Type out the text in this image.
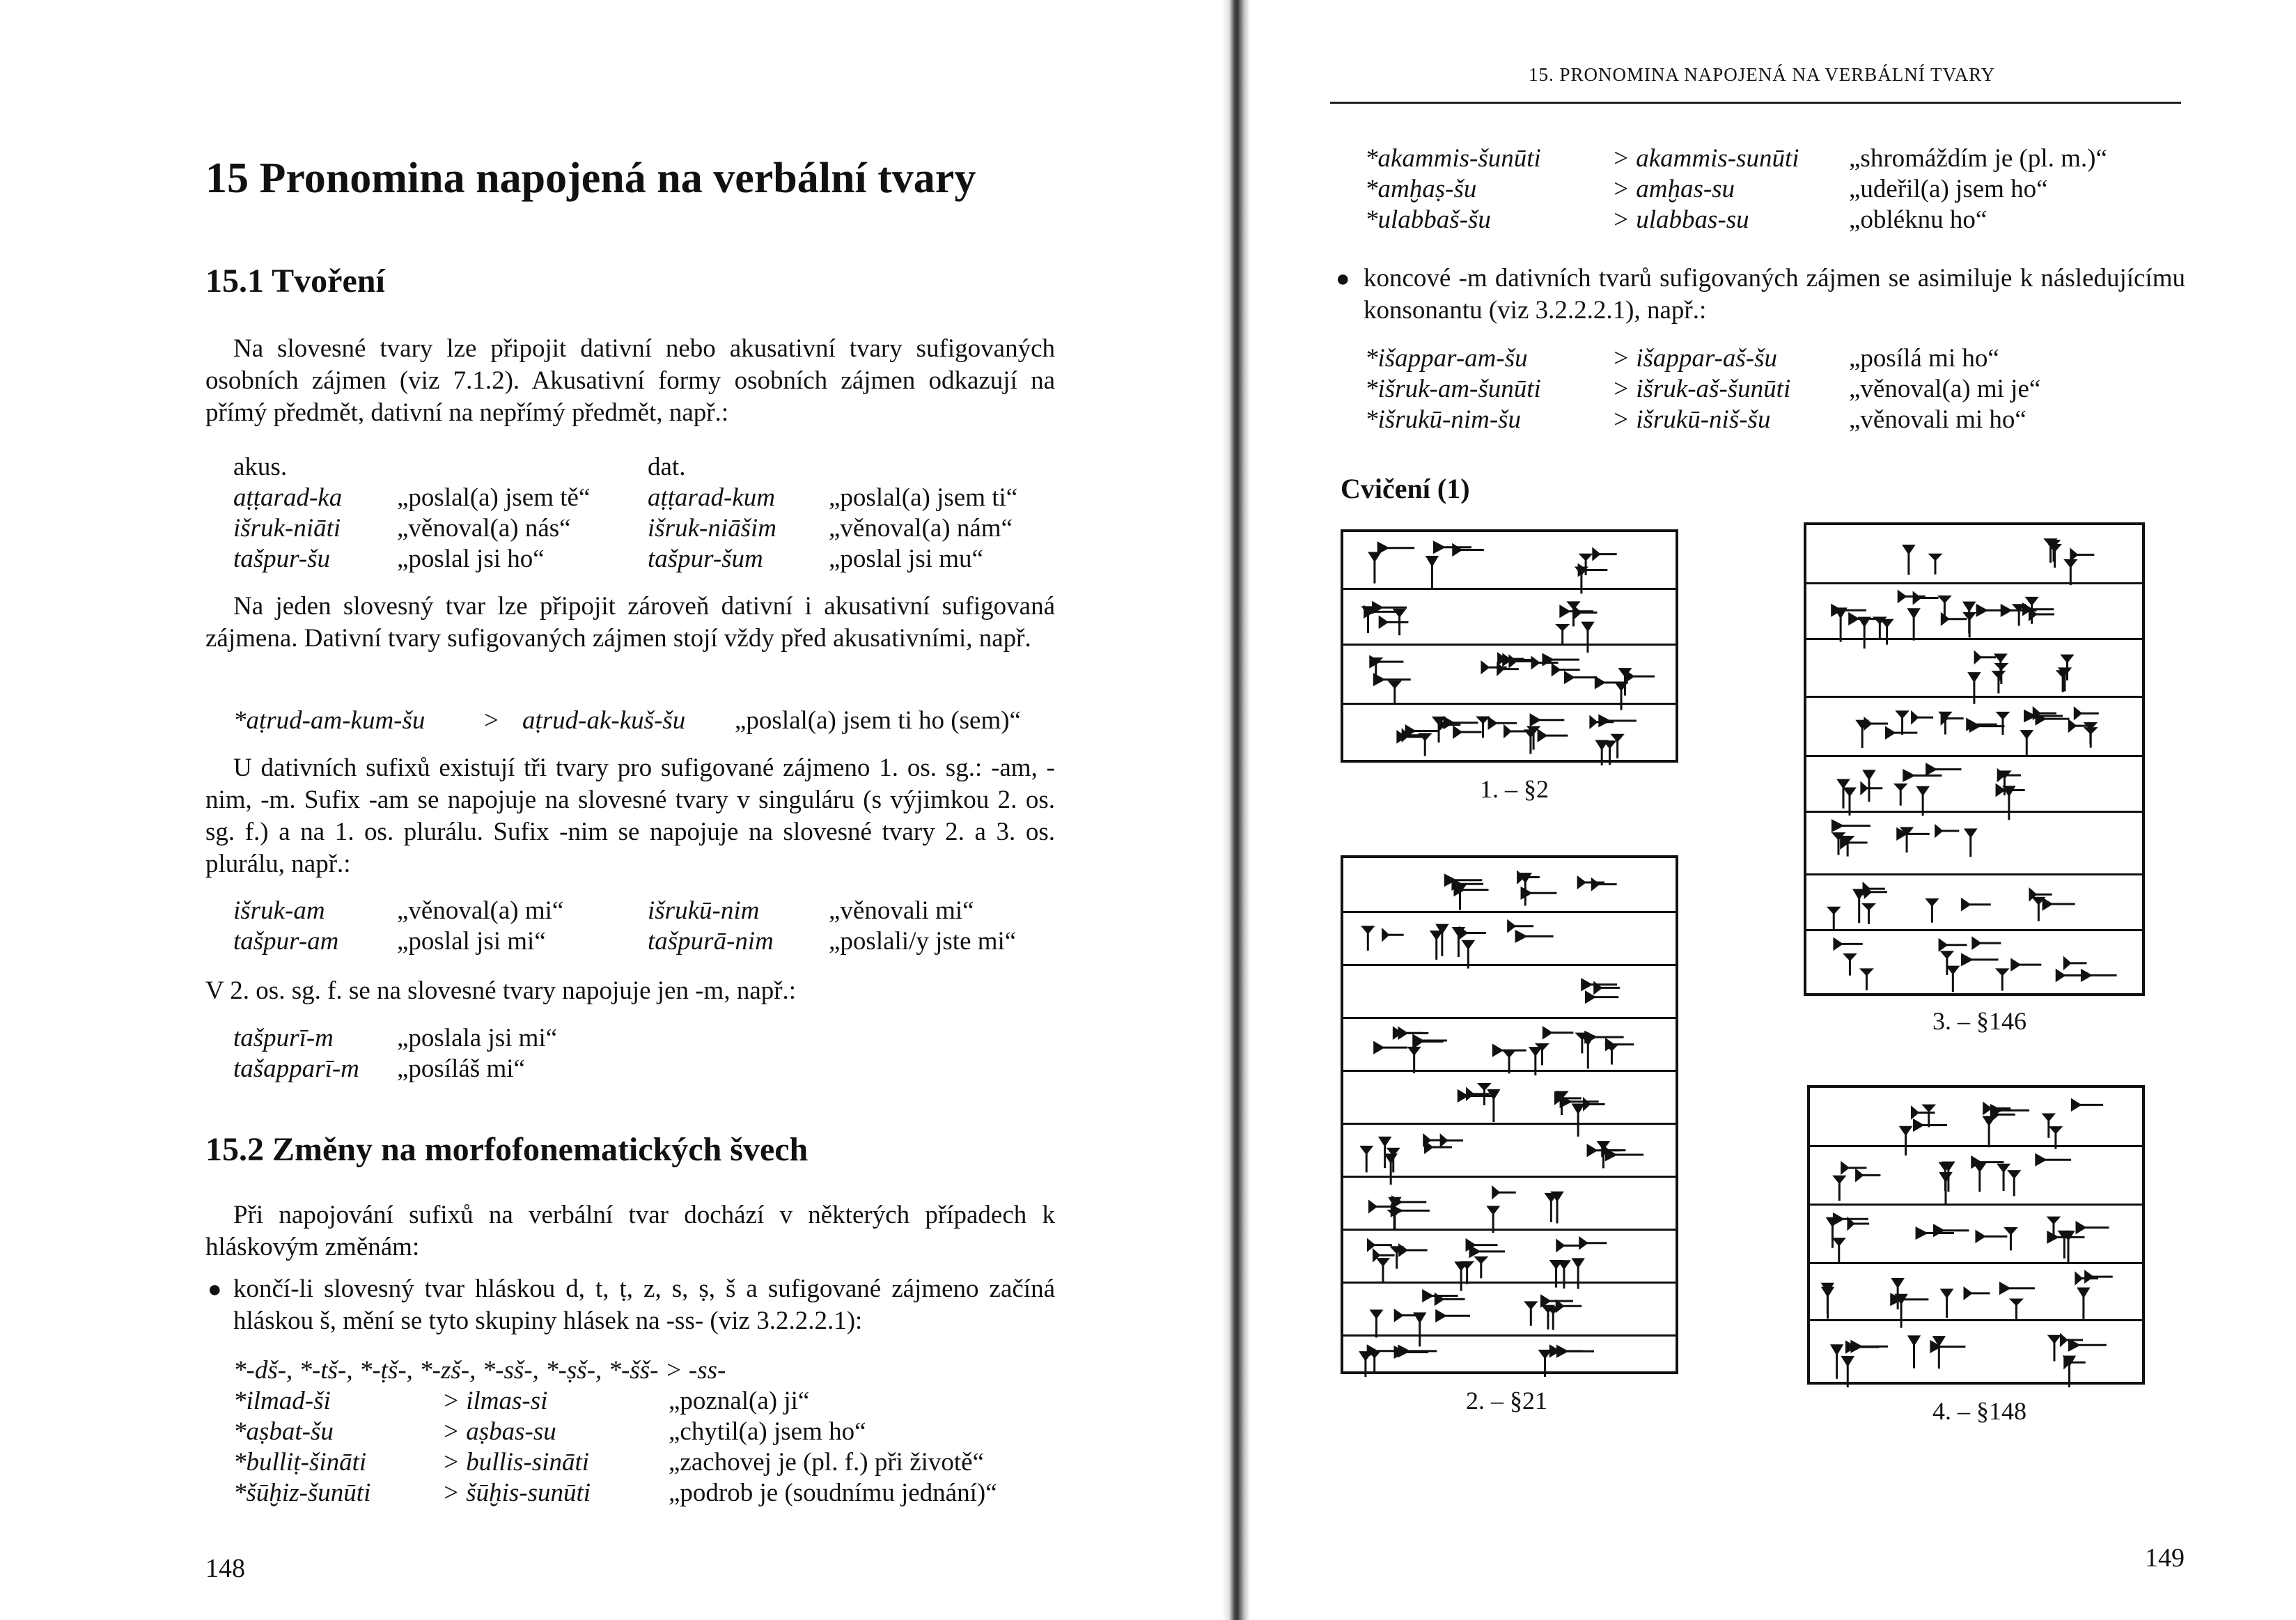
15 Pronomina napojená na verbální tvary
15.1 Tvoření
Na slovesné tvary lze připojit dativní nebo akusativní tvary sufigovaných osobních zájmen (viz 7.1.2). Akusativní formy osobních zájmen odkazují na přímý předmět, dativní na nepřímý předmět, např.:
akus.	dat.
aṭṭarad-ka „poslal(a) jsem tě“ aṭṭarad-kum „poslal(a) jsem ti“
išruk-niāti „věnoval(a) nás“	išruk-niāšim „věnoval(a) nám“
tašpur-šu	„poslal jsi ho“	tašpur-šum	„poslal jsi mu“
Na jeden slovesný tvar lze připojit zároveň dativní i akusativní sufigovaná zájmena. Dativní tvary sufigovaných zájmen stojí vždy před akusativními, např.
*aṭrud-am-kum-šu > aṭrud-ak-kuš-šu „poslal(a) jsem ti ho (sem)“
U dativních sufixů existují tři tvary pro sufigované zájmeno 1. os. sg.: -am, -nim, -m. Sufix -am se napojuje na slovesné tvary v singuláru (s výjimkou 2. os. sg. f.) a na 1. os. plurálu. Sufix -nim se napojuje na slovesné tvary 2. a 3. os. plurálu, např.:
išruk-am	„věnoval(a) mi“	išrukū-nim	„věnovali mi“
tašpur-am „poslal jsi mi“	tašpurā-nim „poslali/y jste mi“
V 2. os. sg. f. se na slovesné tvary napojuje jen -m, např.:
tašpurī-m „poslala jsi mi“
tašapparī-m „posíláš mi“
15.2 Změny na morfofonematických švech
Při napojování sufixů na verbální tvar dochází v některých případech k hláskovým změnám:
● končí-li slovesný tvar hláskou d, t, ṭ, z, s, ṣ, š a sufigované zájmeno začíná hláskou š, mění se tyto skupiny hlásek na -ss- (viz 3.2.2.2.1):
*-dš-, *-tš-, *-ṭš-, *-zš-, *-sš-, *-ṣš-, *-šš- > -ss-
*ilmad-ši	> ilmas-si	„poznal(a) ji“
*aṣbat-šu	> aṣbas-su	„chytil(a) jsem ho“
*bulliṭ-šināti	> bullis-sināti	„zachovej je (pl. f.) při životě“
*šūḫiz-šunūti	> šūḫis-sunūti	„podrob je (soudnímu jednání)“
148
15. PRONOMINA NAPOJENÁ NA VERBÁLNÍ TVARY
*akammis-šunūti	> akammis-sunūti „shromáždím je (pl. m.)“
*amḫaṣ-šu	> amḫas-su	„udeřil(a) jsem ho“
*ulabbaš-šu	> ulabbas-su	„obléknu ho“
● koncové -m dativních tvarů sufigovaných zájmen se asimiluje k následujícímu konsonantu (viz 3.2.2.2.1), např.:
*išappar-am-šu	> išappar-aš-šu	„posílá mi ho“
*išruk-am-šunūti	> išruk-aš-šunūti „věnoval(a) mi je“
*išrukū-nim-šu	> išrukū-niš-šu	„věnovali mi ho“
Cvičení (1)
1. – §2
2. – §21
3. – §146
4. – §148
149
